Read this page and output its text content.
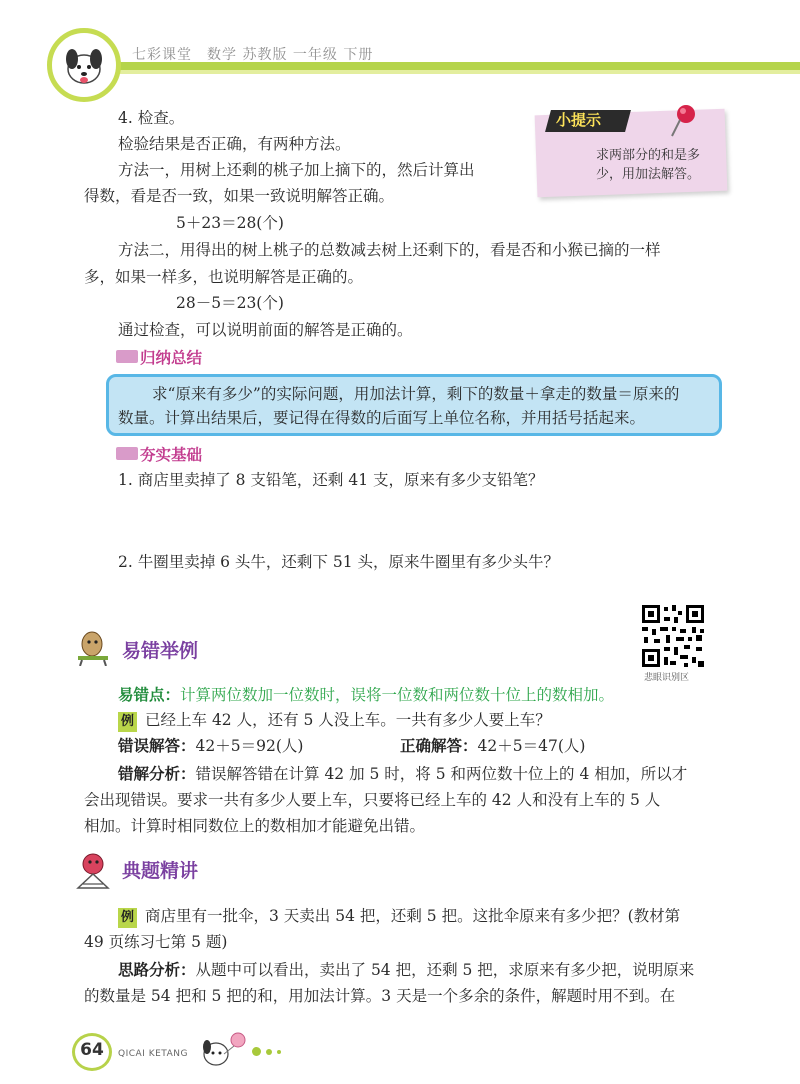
七彩课堂　数学 苏教版 一年级 下册
小提示
求两部分的和是多少，用加法解答。
4. 检查。
检验结果是否正确，有两种方法。
方法一，用树上还剩的桃子加上摘下的，然后计算出
得数，看是否一致，如果一致说明解答正确。
5＋23＝28(个)
方法二，用得出的树上桃子的总数减去树上还剩下的，看是否和小猴已摘的一样
多，如果一样多，也说明解答是正确的。
28－5＝23(个)
通过检查，可以说明前面的解答是正确的。
归纳总结
求“原来有多少”的实际问题，用加法计算，剩下的数量＋拿走的数量＝原来的
数量。计算出结果后，要记得在得数的后面写上单位名称，并用括号括起来。
夯实基础
1. 商店里卖掉了 8 支铅笔，还剩 41 支，原来有多少支铅笔？
2. 牛圈里卖掉 6 头牛，还剩下 51 头，原来牛圈里有多少头牛？
悲眼识别区
易错举例
易错点：计算两位数加一位数时，误将一位数和两位数十位上的数相加。
例 已经上车 42 人，还有 5 人没上车。一共有多少人要上车？
错误解答：42＋5＝92(人)	正确解答：42＋5＝47(人)
错解分析：错误解答错在计算 42 加 5 时，将 5 和两位数十位上的 4 相加，所以才
会出现错误。要求一共有多少人要上车，只要将已经上车的 42 人和没有上车的 5 人
相加。计算时相同数位上的数相加才能避免出错。
典题精讲
例 商店里有一批伞，3 天卖出 54 把，还剩 5 把。这批伞原来有多少把？(教材第
49 页练习七第 5 题)
思路分析：从题中可以看出，卖出了 54 把，还剩 5 把，求原来有多少把，说明原来
的数量是 54 把和 5 把的和，用加法计算。3 天是一个多余的条件，解题时用不到。在
64	QICAI KETANG
